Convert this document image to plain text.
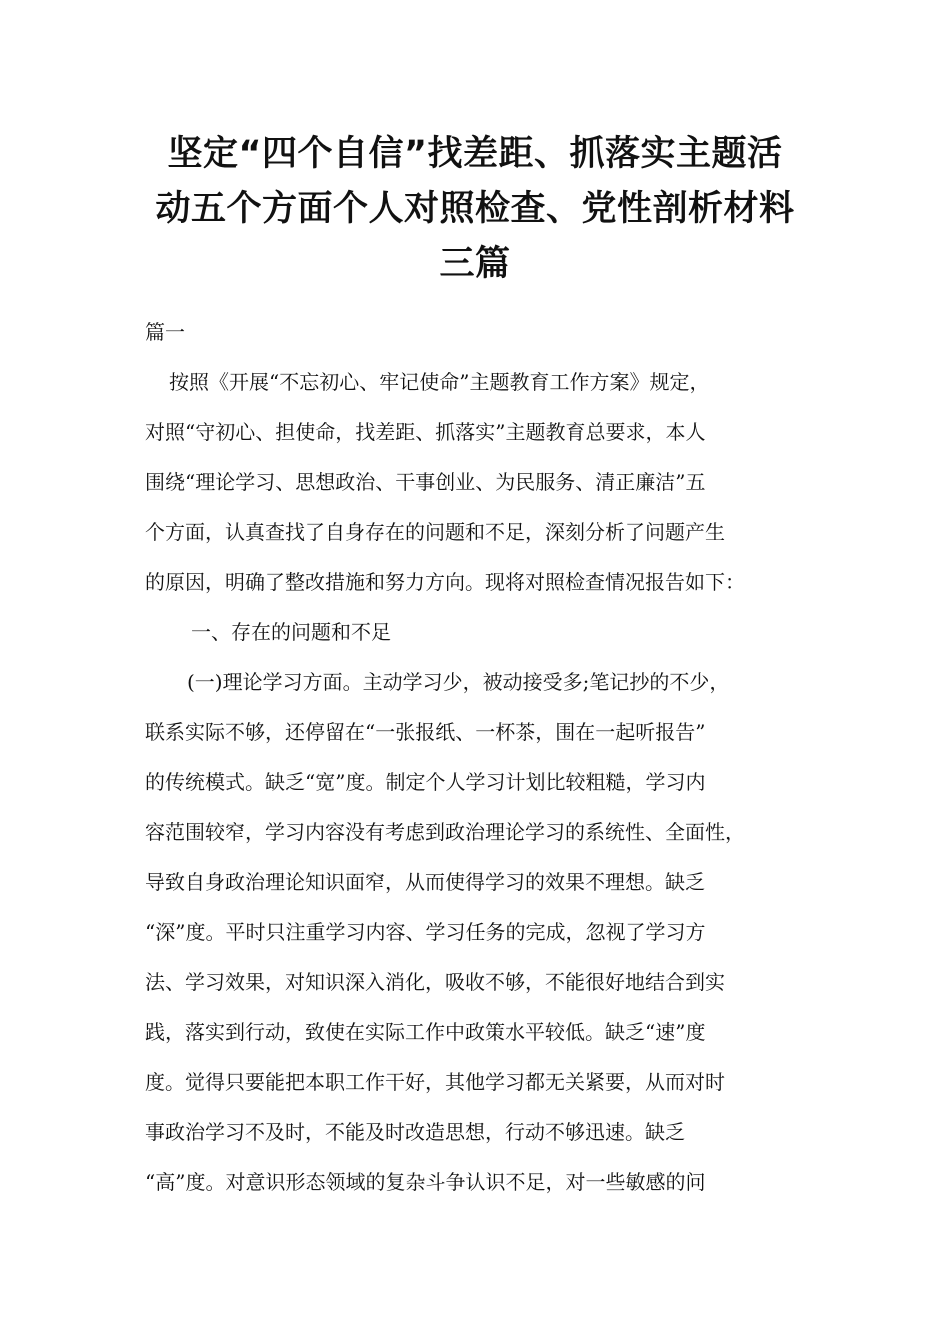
坚定“四个自信”找差距、抓落实主题活
动五个方面个人对照检查、党性剖析材料
三篇
篇一
按照《开展“不忘初心、牢记使命”主题教育工作方案》规定，
对照“守初心、担使命，找差距、抓落实”主题教育总要求，本人
围绕“理论学习、思想政治、干事创业、为民服务、清正廉洁”五
个方面，认真查找了自身存在的问题和不足，深刻分析了问题产生
的原因，明确了整改措施和努力方向。现将对照检查情况报告如下：
一、存在的问题和不足
(一)理论学习方面。主动学习少，被动接受多;笔记抄的不少，
联系实际不够，还停留在“一张报纸、一杯茶，围在一起听报告”
的传统模式。缺乏“宽”度。制定个人学习计划比较粗糙，学习内
容范围较窄，学习内容没有考虑到政治理论学习的系统性、全面性，
导致自身政治理论知识面窄，从而使得学习的效果不理想。缺乏
“深”度。平时只注重学习内容、学习任务的完成，忽视了学习方
法、学习效果，对知识深入消化，吸收不够，不能很好地结合到实
践，落实到行动，致使在实际工作中政策水平较低。缺乏“速”度
度。觉得只要能把本职工作干好，其他学习都无关紧要，从而对时
事政治学习不及时，不能及时改造思想，行动不够迅速。缺乏
“高”度。对意识形态领域的复杂斗争认识不足，对一些敏感的问
